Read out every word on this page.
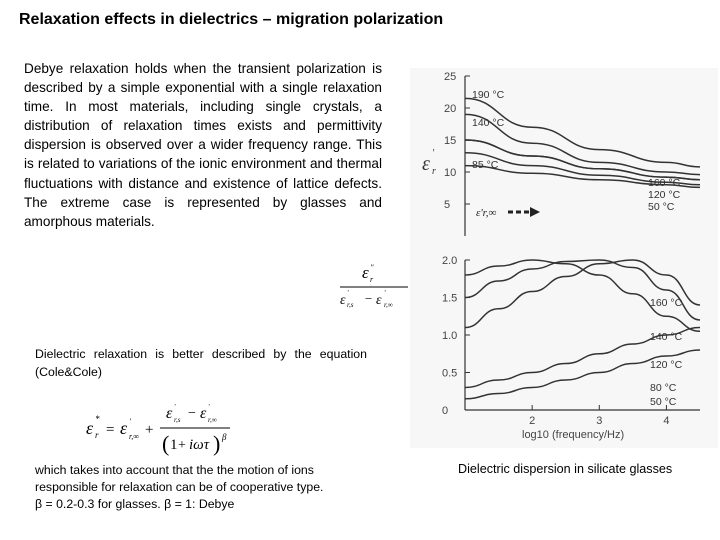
Relaxation effects in dielectrics – migration polarization
Debye relaxation holds when the transient polarization is described by a simple exponential with a single relaxation time. In most materials, including single crystals, a distribution of relaxation times exists and permittivity dispersion is observed over a wider frequency range. This is related to variations of the ionic environment and thermal fluctuations with distance and existence of lattice defects. The extreme case is represented by glasses and amorphous materials.
ε ''
r
ε '
r,s − ε '
r,∞
Dielectric relaxation is better described by the equation (Cole&Cole)
ε *
r = ε '
r,∞ +
ε '
r,s − ε '
r,∞
( 1 + iωτ ) β
which takes into account that the the motion of ions
responsible for relaxation can be of cooperative type.
β = 0.2-0.3 for glasses. β = 1: Debye
Dielectric dispersion in silicate glasses
ε '
r
ε'r,∞
25
20
15
10
5
2.0
1.5
1.0
0.5
0
2	3	4
log10 (frequency/Hz)
190 °C
140 °C
85 °C
160 °C
120 °C
50 °C
160 °C
140 °C
120 °C
80 °C
50 °C
